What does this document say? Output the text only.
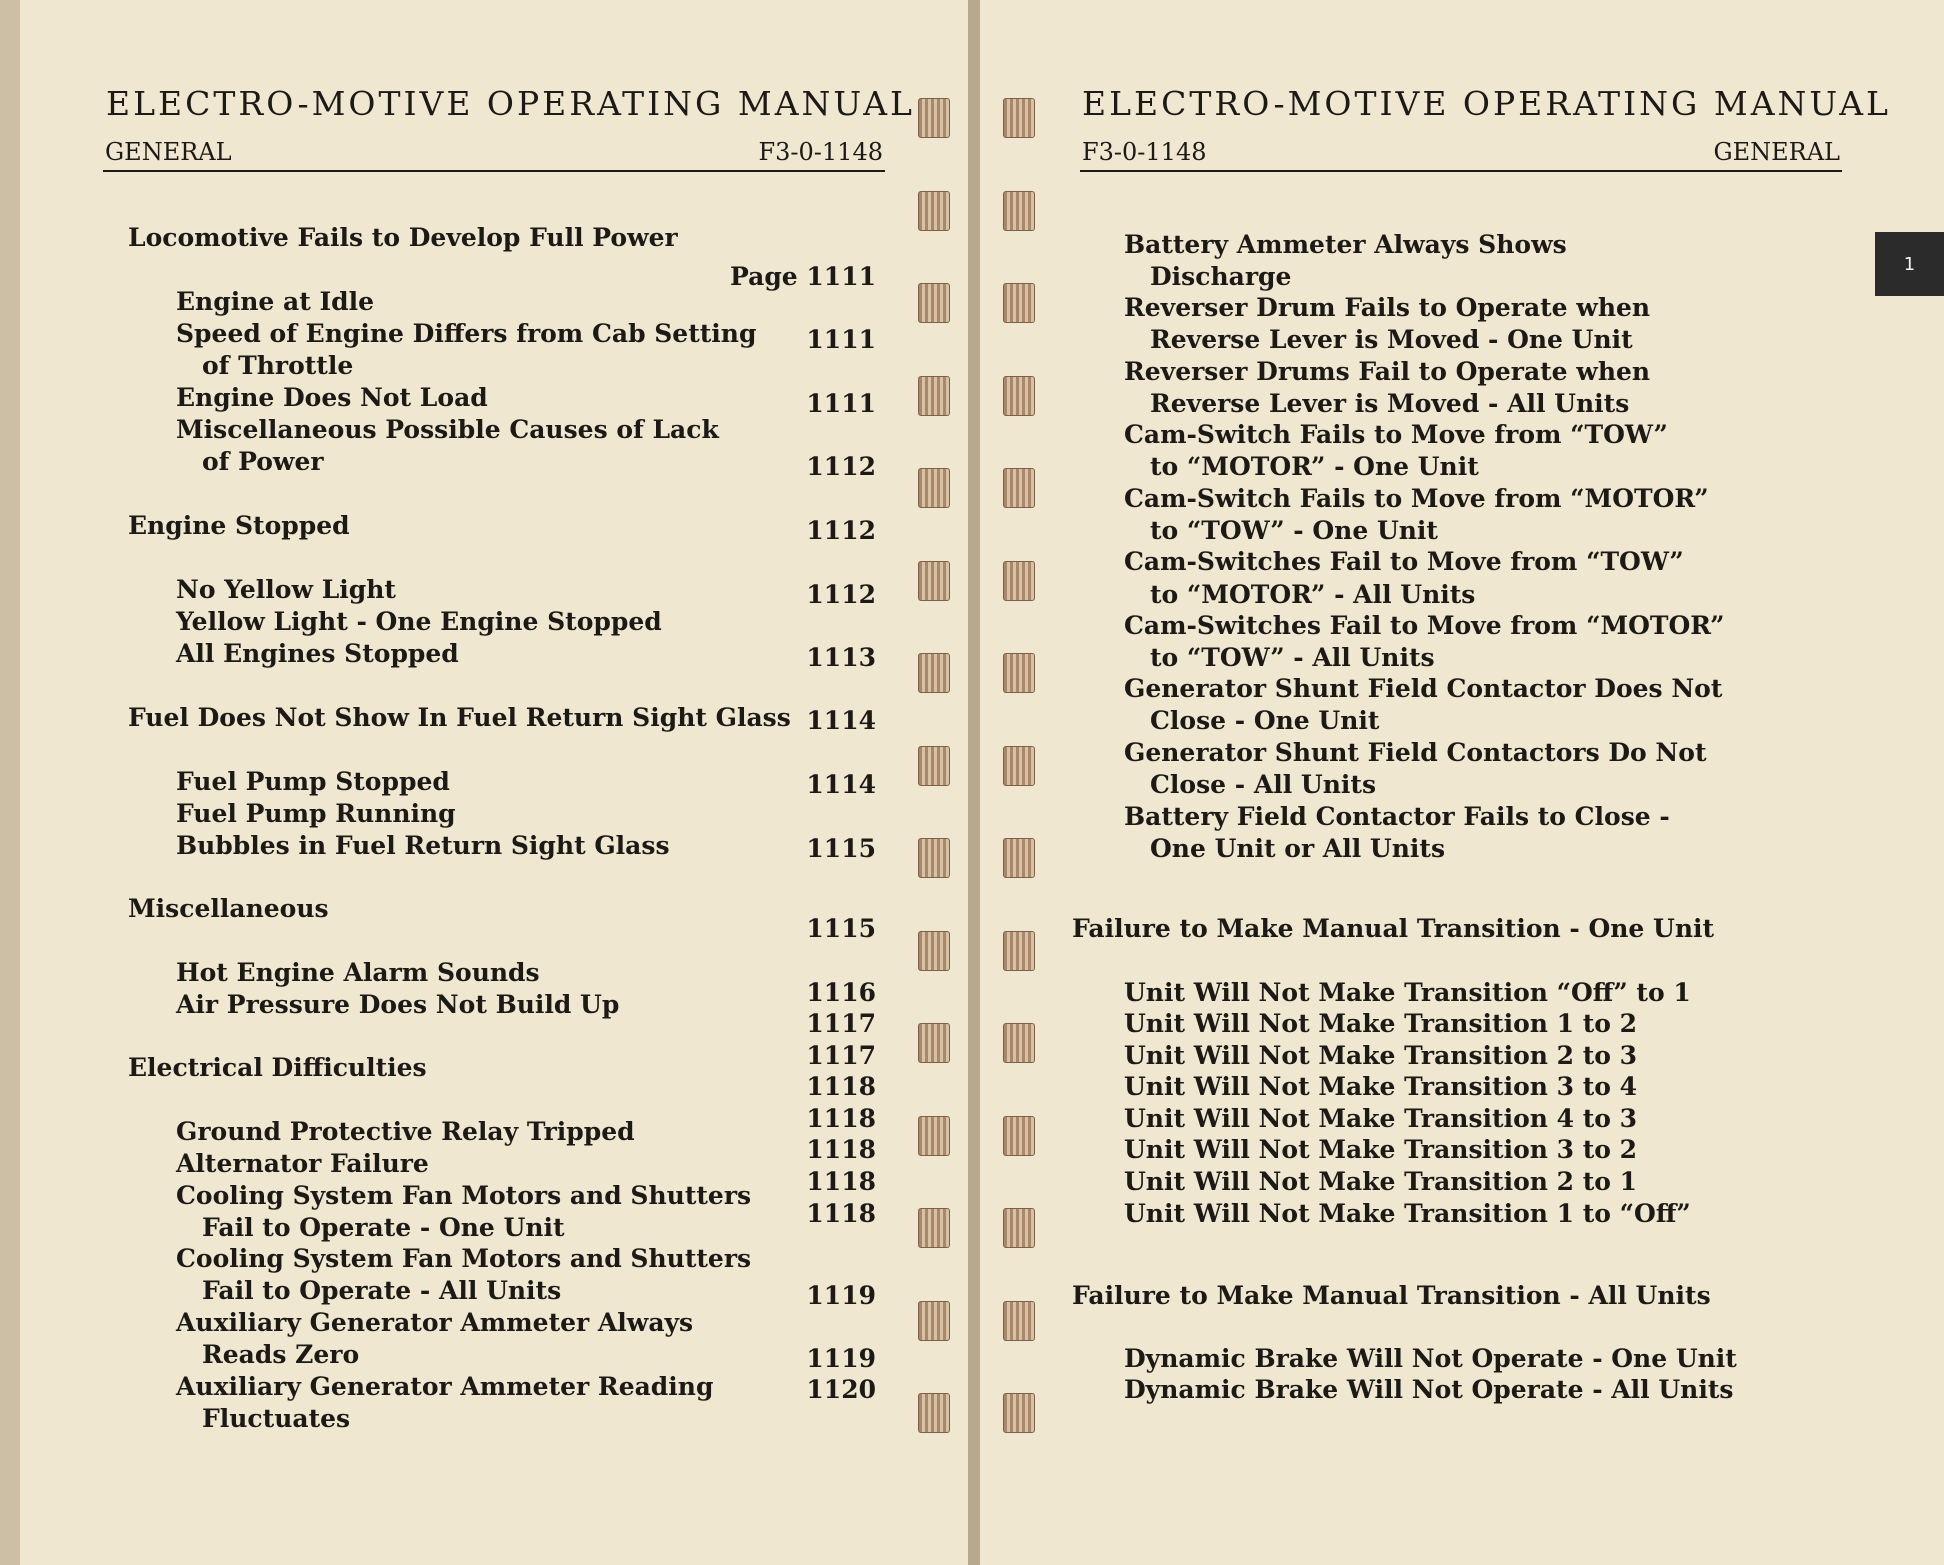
ELECTRO-MOTIVE OPERATING MANUAL
GENERAL	F3-0-1148
Locomotive Fails to Develop Full Power
Engine at Idle
Speed of Engine Differs from Cab Setting
of Throttle
Engine Does Not Load
Miscellaneous Possible Causes of Lack
of Power
Engine Stopped
No Yellow Light
Yellow Light - One Engine Stopped
All Engines Stopped
Fuel Does Not Show In Fuel Return Sight Glass
Fuel Pump Stopped
Fuel Pump Running
Bubbles in Fuel Return Sight Glass
Miscellaneous
Hot Engine Alarm Sounds
Air Pressure Does Not Build Up
Electrical Difficulties
Ground Protective Relay Tripped
Alternator Failure
Cooling System Fan Motors and Shutters
Fail to Operate - One Unit
Cooling System Fan Motors and Shutters
Fail to Operate - All Units
Auxiliary Generator Ammeter Always
Reads Zero
Auxiliary Generator Ammeter Reading
Fluctuates
ELECTRO-MOTIVE OPERATING MANUAL
F3-0-1148	GENERAL
Battery Ammeter Always Shows
Discharge
Page 1111
Reverser Drum Fails to Operate when
Reverse Lever is Moved - One Unit
1111
Reverser Drums Fail to Operate when
Reverse Lever is Moved - All Units
1111
Cam-Switch Fails to Move from “TOW”
to “MOTOR” - One Unit
1112
Cam-Switch Fails to Move from “MOTOR”
to “TOW” - One Unit
1112
Cam-Switches Fail to Move from “TOW”
to “MOTOR” - All Units
1112
Cam-Switches Fail to Move from “MOTOR”
to “TOW” - All Units
1113
Generator Shunt Field Contactor Does Not
Close - One Unit
1114
Generator Shunt Field Contactors Do Not
Close - All Units
1114
Battery Field Contactor Fails to Close -
One Unit or All Units
1115
Failure to Make Manual Transition - One Unit
1115
Unit Will Not Make Transition “Off” to 1
1116
Unit Will Not Make Transition 1 to 2
1117
Unit Will Not Make Transition 2 to 3
1117
Unit Will Not Make Transition 3 to 4
1118
Unit Will Not Make Transition 4 to 3
1118
Unit Will Not Make Transition 3 to 2
1118
Unit Will Not Make Transition 2 to 1
1118
Unit Will Not Make Transition 1 to “Off”
1118
Failure to Make Manual Transition - All Units
1119
Dynamic Brake Will Not Operate - One Unit
1119
Dynamic Brake Will Not Operate - All Units
1120
1
